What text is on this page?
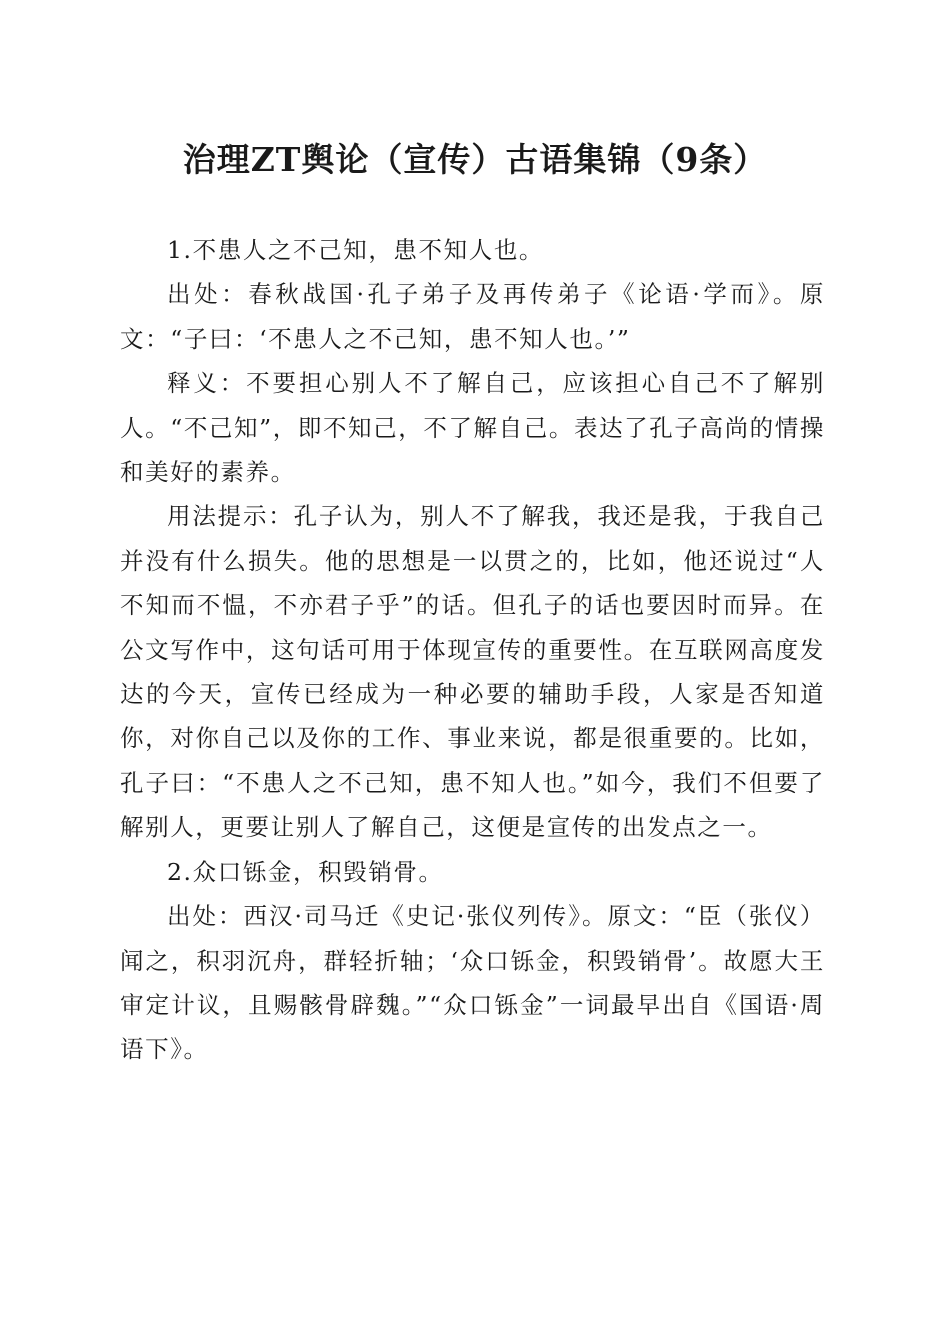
治理ZT舆论（宣传）古语集锦（9条）

1.不患人之不己知，患不知人也。

出处：春秋战国·孔子弟子及再传弟子《论语·学而》。原文：“子曰：‘不患人之不己知，患不知人也。’”

释义：不要担心别人不了解自己，应该担心自己不了解别人。“不己知”，即不知己，不了解自己。表达了孔子高尚的情操和美好的素养。

用法提示：孔子认为，别人不了解我，我还是我，于我自己并没有什么损失。他的思想是一以贯之的，比如，他还说过“人不知而不愠，不亦君子乎”的话。但孔子的话也要因时而异。在公文写作中，这句话可用于体现宣传的重要性。在互联网高度发达的今天，宣传已经成为一种必要的辅助手段，人家是否知道你，对你自己以及你的工作、事业来说，都是很重要的。比如，孔子曰：“不患人之不己知，患不知人也。”如今，我们不但要了解别人，更要让别人了解自己，这便是宣传的出发点之一。

2.众口铄金，积毁销骨。

出处：西汉·司马迁《史记·张仪列传》。原文：“臣（张仪）闻之，积羽沉舟，群轻折轴；‘众口铄金，积毁销骨’。故愿大王审定计议，且赐骸骨辟魏。”“众口铄金”一词最早出自《国语·周语下》。
